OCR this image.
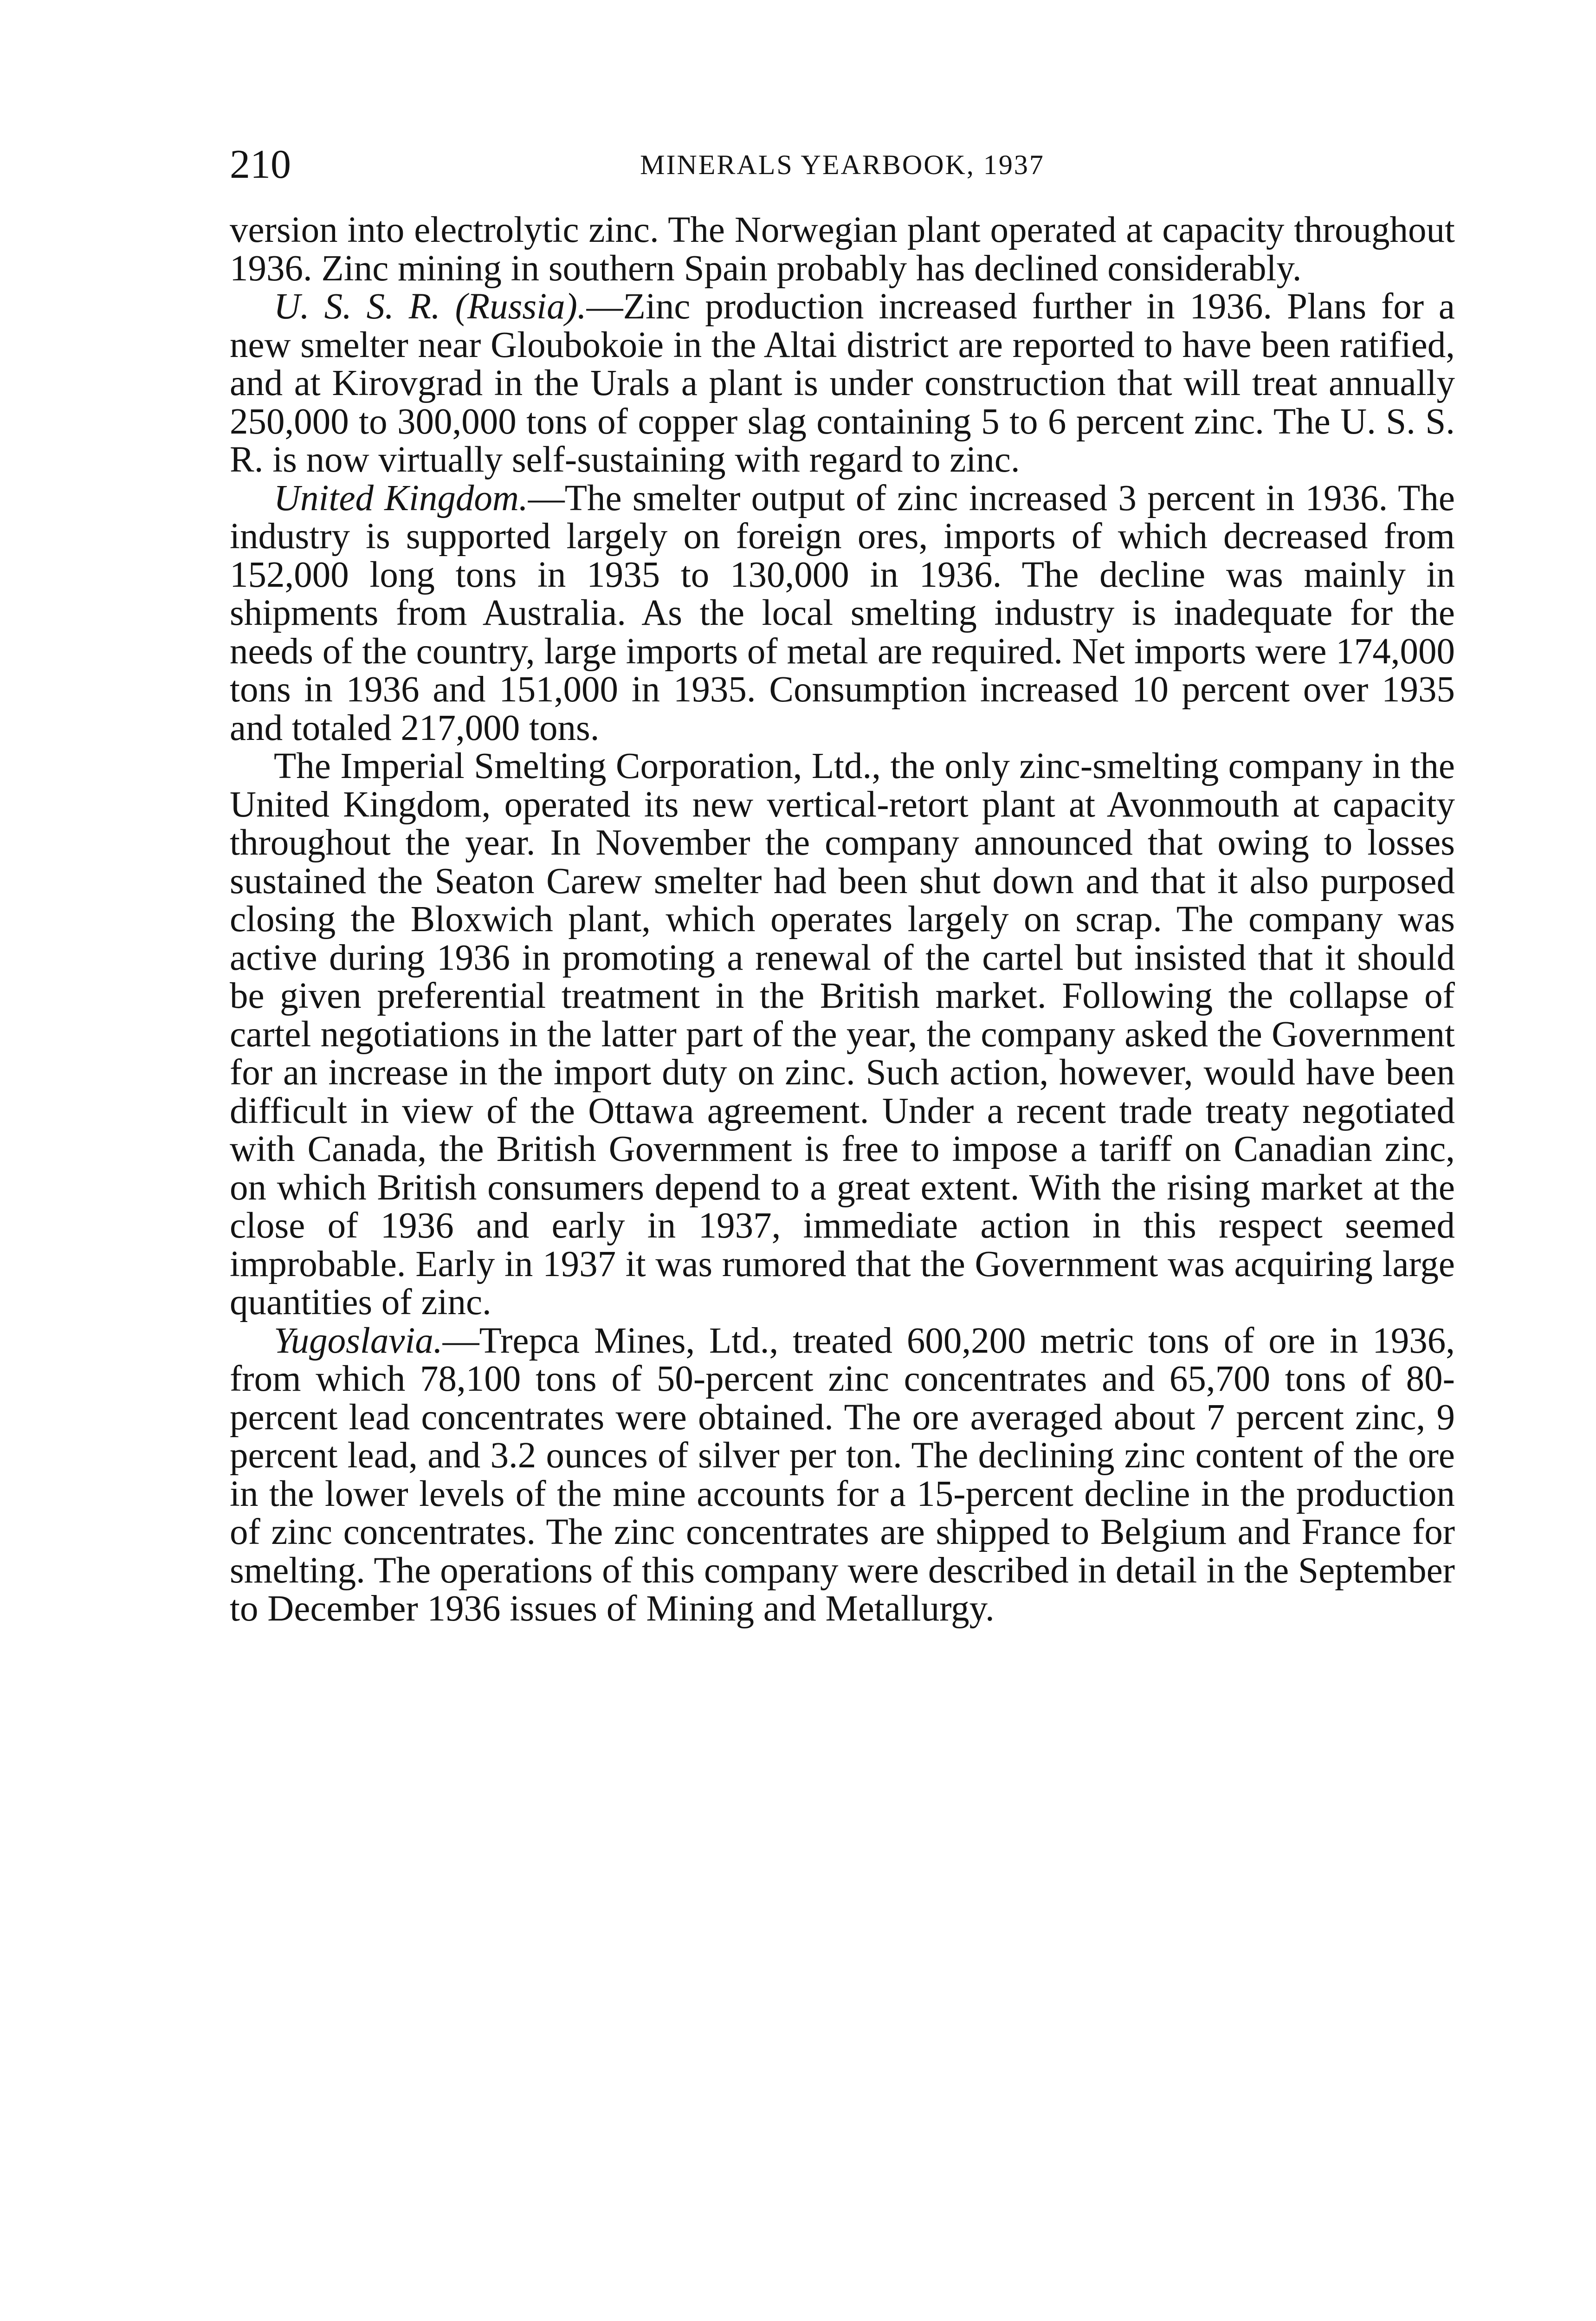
210	MINERALS YEARBOOK, 1937

version into electrolytic zinc. The Norwegian plant operated at capacity throughout 1936. Zinc mining in southern Spain probably has declined considerably.

U. S. S. R. (Russia).—Zinc production increased further in 1936. Plans for a new smelter near Gloubokoie in the Altai district are reported to have been ratified, and at Kirovgrad in the Urals a plant is under construction that will treat annually 250,000 to 300,000 tons of copper slag containing 5 to 6 percent zinc. The U. S. S. R. is now virtually self-sustaining with regard to zinc.

United Kingdom.—The smelter output of zinc increased 3 percent in 1936. The industry is supported largely on foreign ores, imports of which decreased from 152,000 long tons in 1935 to 130,000 in 1936. The decline was mainly in shipments from Australia. As the local smelting industry is inadequate for the needs of the country, large imports of metal are required. Net imports were 174,000 tons in 1936 and 151,000 in 1935. Consumption increased 10 percent over 1935 and totaled 217,000 tons.

The Imperial Smelting Corporation, Ltd., the only zinc-smelting company in the United Kingdom, operated its new vertical-retort plant at Avonmouth at capacity throughout the year. In November the company announced that owing to losses sustained the Seaton Carew smelter had been shut down and that it also purposed closing the Bloxwich plant, which operates largely on scrap. The company was active during 1936 in promoting a renewal of the cartel but insisted that it should be given preferential treatment in the British market. Following the collapse of cartel negotiations in the latter part of the year, the company asked the Government for an increase in the import duty on zinc. Such action, however, would have been difficult in view of the Ottawa agreement. Under a recent trade treaty negotiated with Canada, the British Government is free to impose a tariff on Canadian zinc, on which British consumers depend to a great extent. With the rising market at the close of 1936 and early in 1937, immediate action in this respect seemed improbable. Early in 1937 it was rumored that the Government was acquiring large quantities of zinc.

Yugoslavia.—Trepca Mines, Ltd., treated 600,200 metric tons of ore in 1936, from which 78,100 tons of 50-percent zinc concentrates and 65,700 tons of 80-percent lead concentrates were obtained. The ore averaged about 7 percent zinc, 9 percent lead, and 3.2 ounces of silver per ton. The declining zinc content of the ore in the lower levels of the mine accounts for a 15-percent decline in the production of zinc concentrates. The zinc concentrates are shipped to Belgium and France for smelting. The operations of this company were described in detail in the September to December 1936 issues of Mining and Metallurgy.
